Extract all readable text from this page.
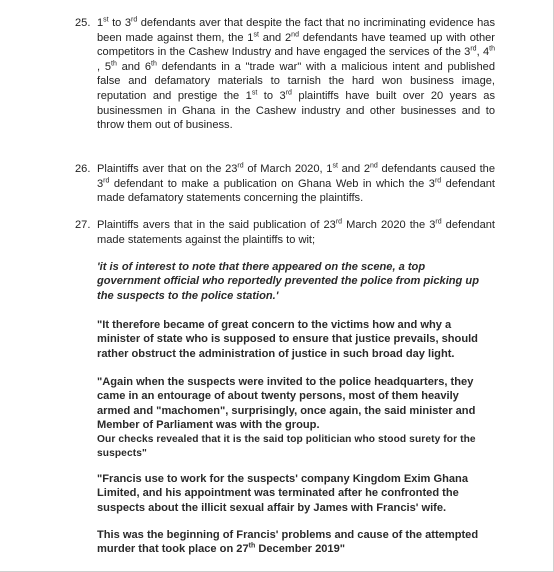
25. 1st to 3rd defendants aver that despite the fact that no incriminating evidence has been made against them, the 1st and 2nd defendants have teamed up with other competitors in the Cashew Industry and have engaged the services of the 3rd, 4th , 5th and 6th defendants in a "trade war" with a malicious intent and published false and defamatory materials to tarnish the hard won business image, reputation and prestige the 1st to 3rd plaintiffs have built over 20 years as businessmen in Ghana in the Cashew industry and other businesses and to throw them out of business.
26. Plaintiffs aver that on the 23rd of March 2020, 1st and 2nd defendants caused the 3rd defendant to make a publication on Ghana Web in which the 3rd defendant made defamatory statements concerning the plaintiffs.
27. Plaintiffs avers that in the said publication of 23rd March 2020 the 3rd defendant made statements against the plaintiffs to wit;
'it is of interest to note that there appeared on the scene, a top government official who reportedly prevented the police from picking up the suspects to the police station.'
"It therefore became of great concern to the victims how and why a minister of state who is supposed to ensure that justice prevails, should rather obstruct the administration of justice in such broad day light.
"Again when the suspects were invited to the police headquarters, they came in an entourage of about twenty persons, most of them heavily armed and "machomen", surprisingly, once again, the said minister and Member of Parliament was with the group.
Our checks revealed that it is the said top politician who stood surety for the suspects"
"Francis use to work for the suspects' company Kingdom Exim Ghana Limited, and his appointment was terminated after he confronted the suspects about the illicit sexual affair by James with Francis' wife.
This was the beginning of Francis' problems and cause of the attempted murder that took place on 27th December 2019"
